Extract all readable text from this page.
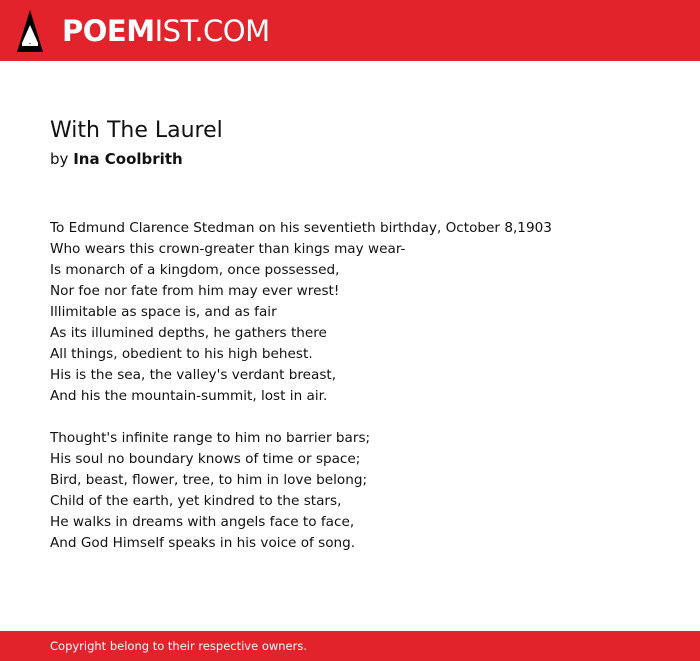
POEMIST.COM
With The Laurel
by Ina Coolbrith
To Edmund Clarence Stedman on his seventieth birthday, October 8,1903
Who wears this crown-greater than kings may wear-
Is monarch of a kingdom, once possessed,
Nor foe nor fate from him may ever wrest!
Illimitable as space is, and as fair
As its illumined depths, he gathers there
All things, obedient to his high behest.
His is the sea, the valley's verdant breast,
And his the mountain-summit, lost in air.
Thought's infinite range to him no barrier bars;
His soul no boundary knows of time or space;
Bird, beast, flower, tree, to him in love belong;
Child of the earth, yet kindred to the stars,
He walks in dreams with angels face to face,
And God Himself speaks in his voice of song.
Copyright belong to their respective owners.
